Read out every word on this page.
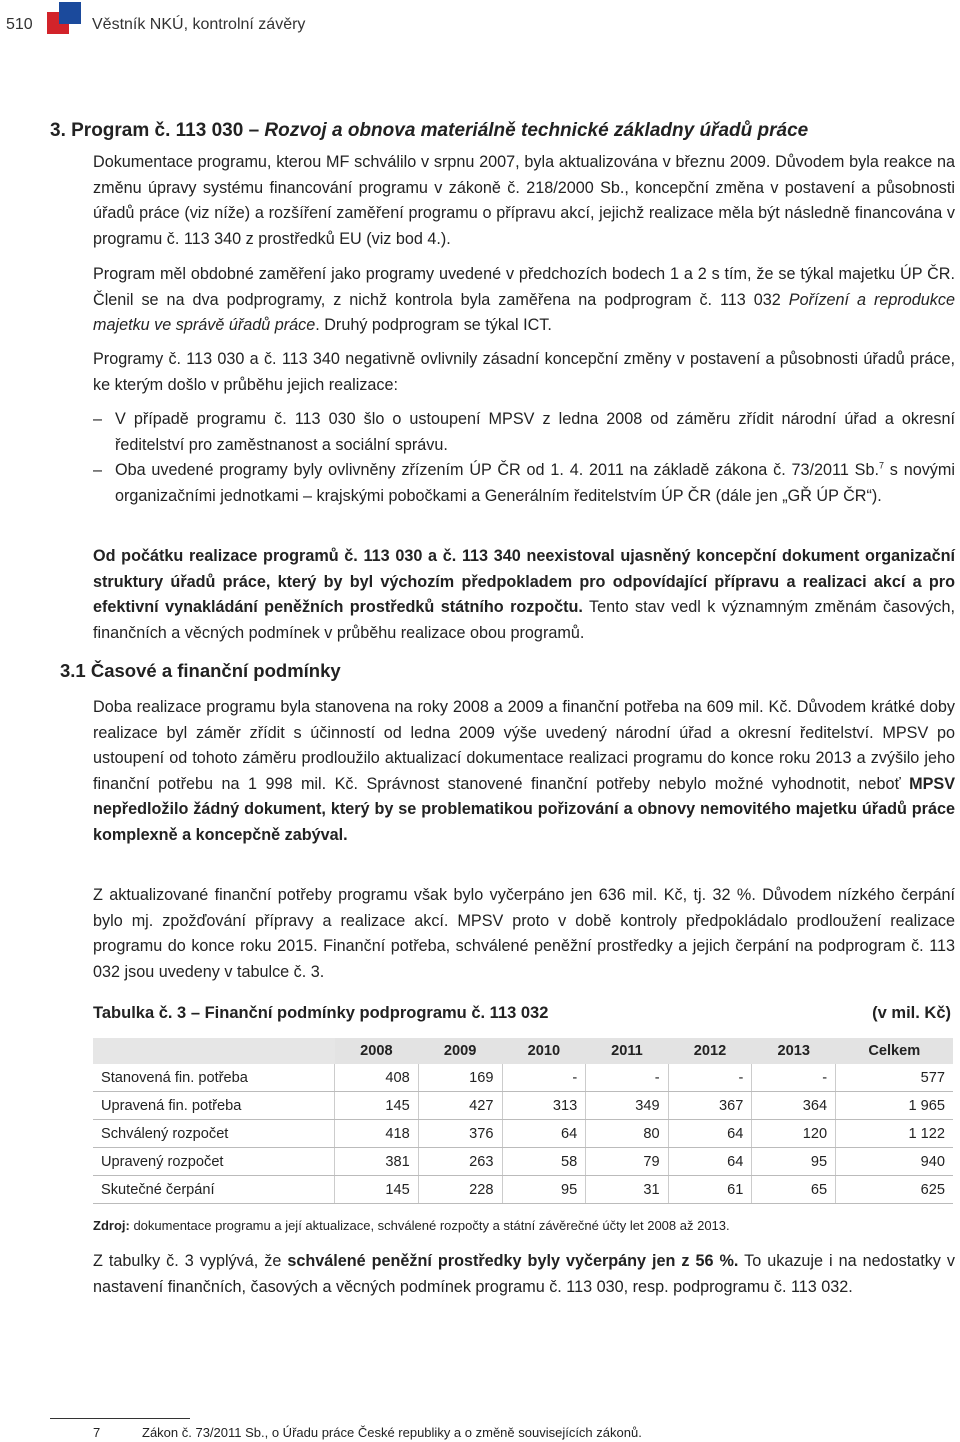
510	Věstník NKÚ, kontrolní závěry
3. Program č. 113 030 – Rozvoj a obnova materiálně technické základny úřadů práce
Dokumentace programu, kterou MF schválilo v srpnu 2007, byla aktualizována v březnu 2009. Důvodem byla reakce na změnu úpravy systému financování programu v zákoně č. 218/2000 Sb., koncepční změna v postavení a působnosti úřadů práce (viz níže) a rozšíření zaměření programu o přípravu akcí, jejichž realizace měla být následně financována v programu č. 113 340 z prostředků EU (viz bod 4.).
Program měl obdobné zaměření jako programy uvedené v předchozích bodech 1 a 2 s tím, že se týkal majetku ÚP ČR. Členil se na dva podprogramy, z nichž kontrola byla zaměřena na podprogram č. 113 032 Pořízení a reprodukce majetku ve správě úřadů práce. Druhý podprogram se týkal ICT.
Programy č. 113 030 a č. 113 340 negativně ovlivnily zásadní koncepční změny v postavení a působnosti úřadů práce, ke kterým došlo v průběhu jejich realizace:
– V případě programu č. 113 030 šlo o ustoupení MPSV z ledna 2008 od záměru zřídit národní úřad a okresní ředitelství pro zaměstnanost a sociální správu.
– Oba uvedené programy byly ovlivněny zřízením ÚP ČR od 1. 4. 2011 na základě zákona č. 73/2011 Sb.$^7$ s novými organizačními jednotkami – krajskými pobočkami a Generálním ředitelstvím ÚP ČR (dále jen „GŘ ÚP ČR“).
Od počátku realizace programů č. 113 030 a č. 113 340 neexistoval ujasněný koncepční dokument organizační struktury úřadů práce, který by byl výchozím předpokladem pro odpovídající přípravu a realizaci akcí a pro efektivní vynakládání peněžních prostředků státního rozpočtu. Tento stav vedl k významným změnám časových, finančních a věcných podmínek v průběhu realizace obou programů.
3.1 Časové a finanční podmínky
Doba realizace programu byla stanovena na roky 2008 a 2009 a finanční potřeba na 609 mil. Kč. Důvodem krátké doby realizace byl záměr zřídit s účinností od ledna 2009 výše uvedený národní úřad a okresní ředitelství. MPSV po ustoupení od tohoto záměru prodloužilo aktualizací dokumentace realizaci programu do konce roku 2013 a zvýšilo jeho finanční potřebu na 1 998 mil. Kč. Správnost stanovené finanční potřeby nebylo možné vyhodnotit, neboť MPSV nepředložilo žádný dokument, který by se problematikou pořizování a obnovy nemovitého majetku úřadů práce komplexně a koncepčně zabýval.
Z aktualizované finanční potřeby programu však bylo vyčerpáno jen 636 mil. Kč, tj. 32 %. Důvodem nízkého čerpání bylo mj. zpožďování přípravy a realizace akcí. MPSV proto v době kontroly předpokládalo prodloužení realizace programu do konce roku 2015. Finanční potřeba, schválené peněžní prostředky a jejich čerpání na podprogram č. 113 032 jsou uvedeny v tabulce č. 3.
Tabulka č. 3 – Finanční podmínky podprogramu č. 113 032	(v mil. Kč)
	2008	2009	2010	2011	2012	2013	Celkem
Stanovená fin. potřeba	408	169	-	-	-	-	577
Upravená fin. potřeba	145	427	313	349	367	364	1 965
Schválený rozpočet	418	376	64	80	64	120	1 122
Upravený rozpočet	381	263	58	79	64	95	940
Skutečné čerpání	145	228	95	31	61	65	625
Zdroj: dokumentace programu a její aktualizace, schválené rozpočty a státní závěrečné účty let 2008 až 2013.
Z tabulky č. 3 vyplývá, že schválené peněžní prostředky byly vyčerpány jen z 56 %. To ukazuje i na nedostatky v nastavení finančních, časových a věcných podmínek programu č. 113 030, resp. podprogramu č. 113 032.
7	Zákon č. 73/2011 Sb., o Úřadu práce České republiky a o změně souvisejících zákonů.
